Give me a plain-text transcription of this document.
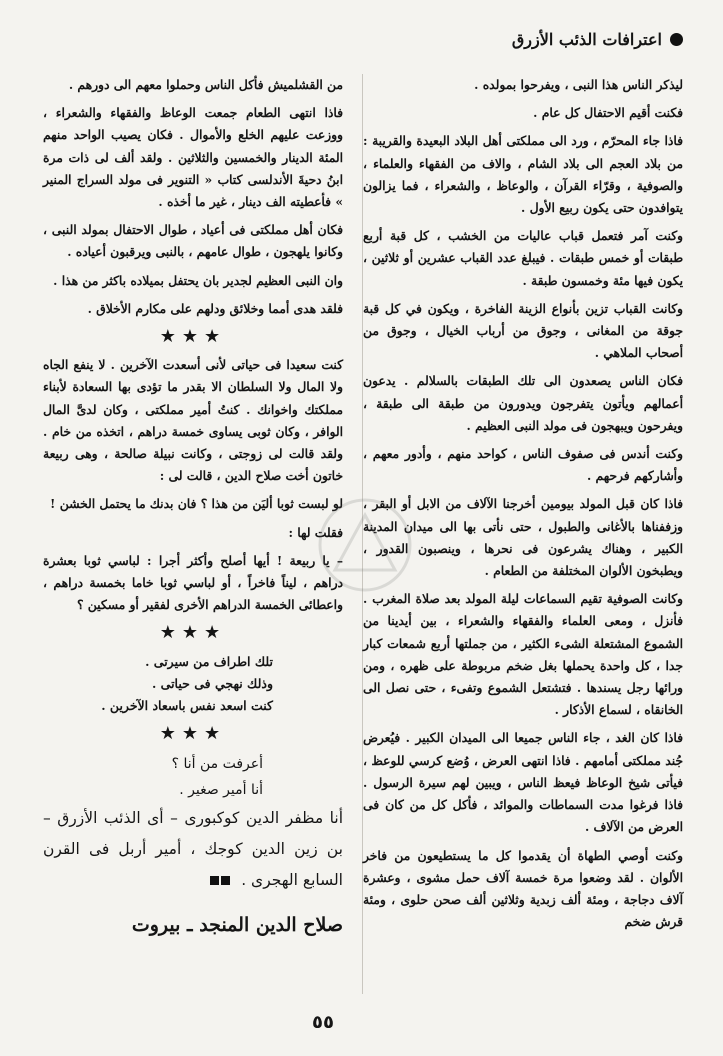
اعترافات الذئب الأزرق

ليذكر الناس هذا النبى ، ويفرحوا بمولده .

فكنت أقيم الاحتفال كل عام .

فاذا جاء المحرّم ، ورد الى مملكتى أهل البلاد البعيدة والقريبة : من بلاد العجم الى بلاد الشام ، والاف من الفقهاء والعلماء ، والصوفية ، وقرّاء القرآن ، والوعاظ ، والشعراء ، فما يزالون يتوافدون حتى يكون ربيع الأول .

وكنت آمر فتعمل قباب عاليات من الخشب ، كل قبة أربع طبقات أو خمس طبقات . فيبلغ عدد القباب عشرين أو ثلاثين ، يكون فيها مئة وخمسون طبقة .

وكانت القباب تزين بأنواع الزينة الفاخرة ، ويكون في كل قبة جوقة من المغانى ، وجوق من أرباب الخيال ، وجوق من أصحاب الملاهي .

فكان الناس يصعدون الى تلك الطبقات بالسلالم . يدعون أعمالهم ويأتون يتفرجون ويدورون من طبقة الى طبقة ، ويفرحون ويبهجون فى مولد النبى العظيم .

وكنت أندس فى صفوف الناس ، كواحد منهم ، وأدور معهم ، وأشاركهم فرحهم .

فاذا كان قبل المولد بيومين أخرجنا الآلاف من الابل أو البقر ، وزففناها بالأغانى والطبول ، حتى نأتى بها الى ميدان المدينة الكبير ، وهناك يشرعون فى نحرها ، وينصبون القدور ، ويطبخون الألوان المختلفة من الطعام .

وكانت الصوفية تقيم السماعات ليلة المولد بعد صلاة المغرب . فأنزل ، ومعى العلماء والفقهاء والشعراء ، بين أيدينا من الشموع المشتعلة الشىء الكثير ، من جملتها أربع شمعات كبار جدا ، كل واحدة يحملها بغل ضخم مربوطة على ظهره ، ومن ورائها رجل يسندها . فتشتعل الشموع وتفىء ، حتى نصل الى الخانقاه ، لسماع الأذكار .

فاذا كان الغد ، جاء الناس جميعا الى الميدان الكبير . فيُعرض جُند مملكتى أمامهم . فاذا انتهى العرض ، وُضع كرسي للوعظ ، فيأتى شيخ الوعاظ فيعظ الناس ، ويبين لهم سيرة الرسول . فاذا فرغوا مدت السماطات والموائد ، فأكل كل من كان فى العرض من الآلاف .

وكنت أوصي الطهاة أن يقدموا كل ما يستطيعون من فاخر الألوان . لقد وضعوا مرة خمسة آلاف حمل مشوى ، وعشرة آلاف دجاجة ، ومئة ألف زبدية وثلاثين ألف صحن حلوى ، ومئة قرش ضخم

من القشلميش فأكل الناس وحملوا معهم الى دورهم .

فاذا انتهى الطعام جمعت الوعاظ والفقهاء والشعراء ، ووزعت عليهم الخلع والأموال . فكان يصيب الواحد منهم المئة الدينار والخمسين والثلاثين . ولقد ألف لى ذات مرة ابنُ دحيةَ الأندلسى كتاب « التنوير فى مولد السراج المنير » فأعطيته الف دينار ، غير ما أخذه .

فكان أهل مملكتى فى أعياد ، طوال الاحتفال بمولد النبى ، وكانوا يلهجون ، طوال عامهم ، بالنبى ويرقبون أعياده .

وان النبى العظيم لجدير بان يحتفل بميلاده باكثر من هذا .

فلقد هدى أمما وخلائق ودلهم على مكارم الأخلاق .

★★★

كنت سعيدا فى حياتى لأنى أسعدت الآخرين . لا ينفع الجاه ولا المال ولا السلطان الا بقدر ما تؤدى بها السعادة لأبناء مملكتك واخوانك . كنتُ أمير مملكتى ، وكان لدىَّ المال الوافر ، وكان ثوبى يساوى خمسة دراهم ، اتخذه من خام . ولقد قالت لى زوجتى ، وكانت نبيلة صالحة ، وهى ربيعة خاتون أخت صلاح الدين ، قالت لى :

لو لبست ثوبا أليَن من هذا ؟ فان بدنك ما يحتمل الخشن !

فقلت لها :

– يا ربيعة ! أيها أصلح وأكثر أجرا : لباسي ثوبا بعشرة دراهم ، ليناً فاخراً ، أو لباسي ثوبا خاما بخمسة دراهم ، واعطائى الخمسة الدراهم الأخرى لفقير أو مسكين ؟

★★★
تلك اطراف من سيرتى .
وذلك نهجي فى حياتى .
كنت اسعد نفس باسعاد الآخرين .
★★★
أعرفت من أنا ؟
أنا أمير صغير .

أنا مظفر الدين كوكبورى – أى الذئب الأزرق – بن زين الدين كوجك ، أمير أربل فى القرن السابع الهجرى .

صلاح الدين المنجد ـ بيروت
٥٥
